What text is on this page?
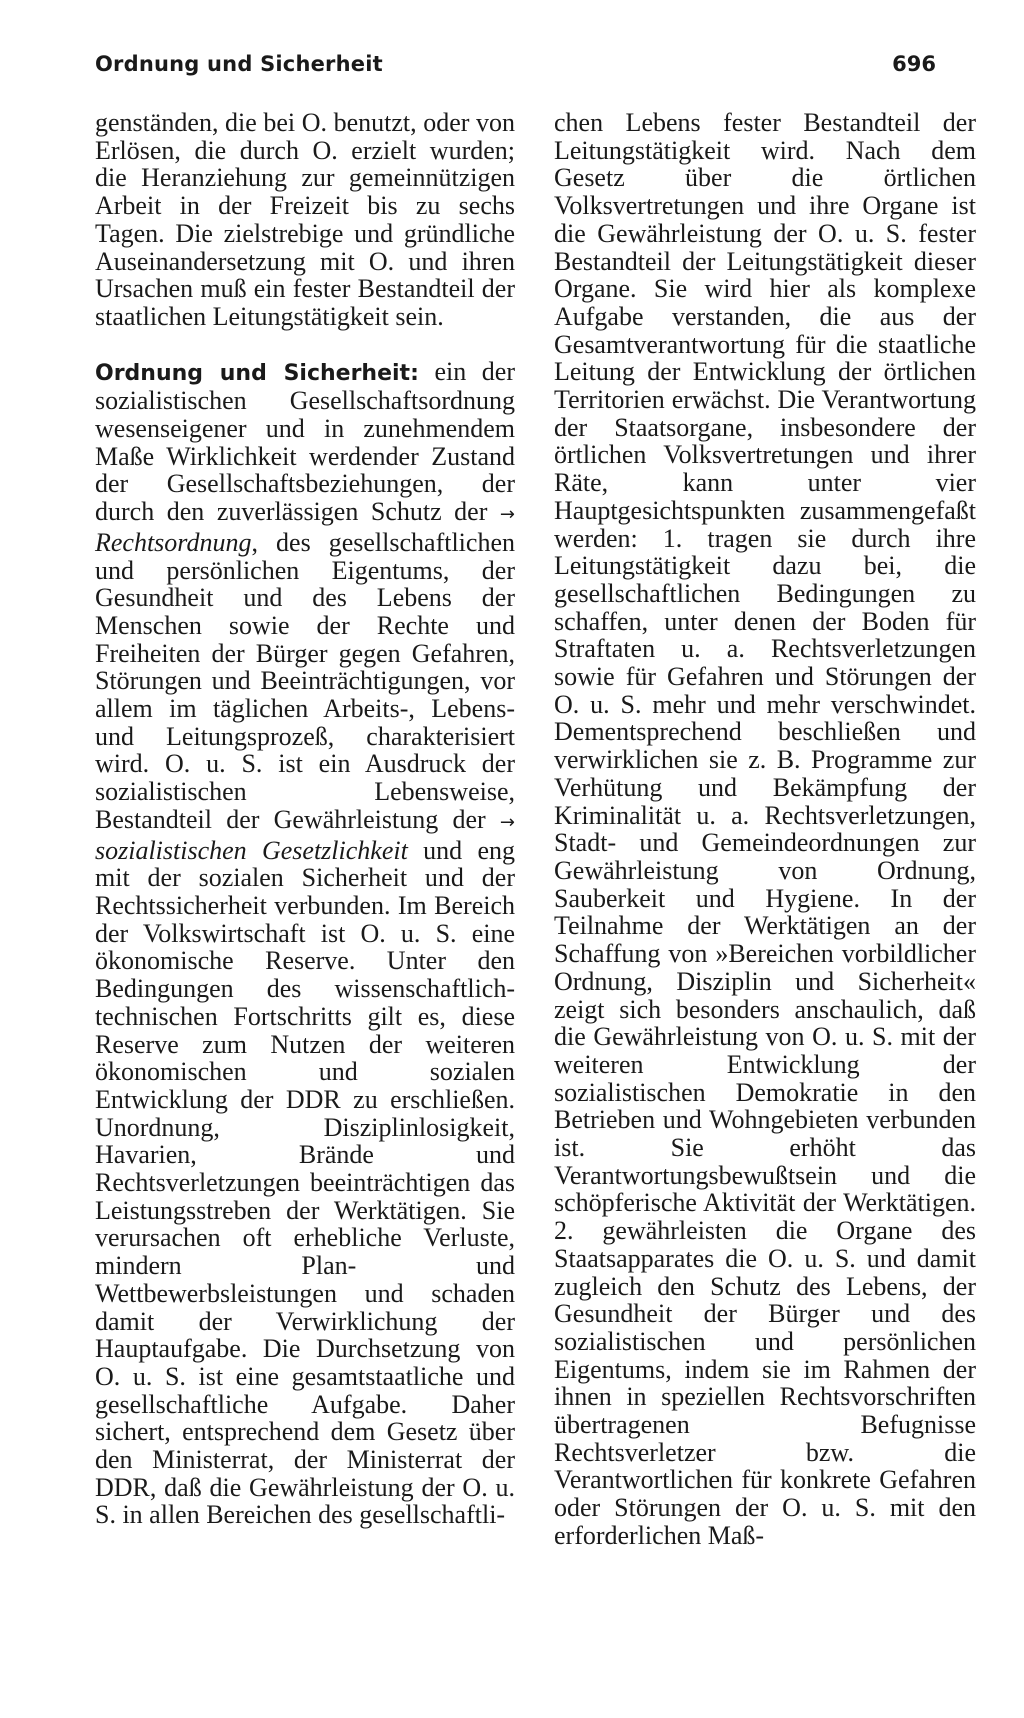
Ordnung und Sicherheit	696

genständen, die bei O. benutzt, oder von Erlösen, die durch O. erzielt wurden; die Heranziehung zur gemeinnützigen Arbeit in der Freizeit bis zu sechs Tagen. Die zielstrebige und gründliche Auseinandersetzung mit O. und ihren Ursachen muß ein fester Bestandteil der staatlichen Leitungstätigkeit sein.

Ordnung und Sicherheit: ein der sozialistischen Gesellschaftsordnung wesenseigener und in zunehmendem Maße Wirklichkeit werdender Zustand der Gesellschaftsbeziehungen, der durch den zuverlässigen Schutz der → Rechtsordnung, des gesellschaftlichen und persönlichen Eigentums, der Gesundheit und des Lebens der Menschen sowie der Rechte und Freiheiten der Bürger gegen Gefahren, Störungen und Beeinträchtigungen, vor allem im täglichen Arbeits-, Lebens- und Leitungsprozeß, charakterisiert wird. O. u. S. ist ein Ausdruck der sozialistischen Lebensweise, Bestandteil der Gewährleistung der → sozialistischen Gesetzlichkeit und eng mit der sozialen Sicherheit und der Rechtssicherheit verbunden. Im Bereich der Volkswirtschaft ist O. u. S. eine ökonomische Reserve. Unter den Bedingungen des wissenschaftlich-technischen Fortschritts gilt es, diese Reserve zum Nutzen der weiteren ökonomischen und sozialen Entwicklung der DDR zu erschließen. Unordnung, Disziplinlosigkeit, Havarien, Brände und Rechtsverletzungen beeinträchtigen das Leistungsstreben der Werktätigen. Sie verursachen oft erhebliche Verluste, mindern Plan- und Wettbewerbsleistungen und schaden damit der Verwirklichung der Hauptaufgabe. Die Durchsetzung von O. u. S. ist eine gesamtstaatliche und gesellschaftliche Aufgabe. Daher sichert, entsprechend dem Gesetz über den Ministerrat, der Ministerrat der DDR, daß die Gewährleistung der O. u. S. in allen Bereichen des gesellschaftli-

chen Lebens fester Bestandteil der Leitungstätigkeit wird. Nach dem Gesetz über die örtlichen Volksvertretungen und ihre Organe ist die Gewährleistung der O. u. S. fester Bestandteil der Leitungstätigkeit dieser Organe. Sie wird hier als komplexe Aufgabe verstanden, die aus der Gesamtverantwortung für die staatliche Leitung der Entwicklung der örtlichen Territorien erwächst. Die Verantwortung der Staatsorgane, insbesondere der örtlichen Volksvertretungen und ihrer Räte, kann unter vier Hauptgesichtspunkten zusammengefaßt werden: 1. tragen sie durch ihre Leitungstätigkeit dazu bei, die gesellschaftlichen Bedingungen zu schaffen, unter denen der Boden für Straftaten u. a. Rechtsverletzungen sowie für Gefahren und Störungen der O. u. S. mehr und mehr verschwindet. Dementsprechend beschließen und verwirklichen sie z. B. Programme zur Verhütung und Bekämpfung der Kriminalität u. a. Rechtsverletzungen, Stadt- und Gemeindeordnungen zur Gewährleistung von Ordnung, Sauberkeit und Hygiene. In der Teilnahme der Werktätigen an der Schaffung von »Bereichen vorbildlicher Ordnung, Disziplin und Sicherheit« zeigt sich besonders anschaulich, daß die Gewährleistung von O. u. S. mit der weiteren Entwicklung der sozialistischen Demokratie in den Betrieben und Wohngebieten verbunden ist. Sie erhöht das Verantwortungsbewußtsein und die schöpferische Aktivität der Werktätigen. 2. gewährleisten die Organe des Staatsapparates die O. u. S. und damit zugleich den Schutz des Lebens, der Gesundheit der Bürger und des sozialistischen und persönlichen Eigentums, indem sie im Rahmen der ihnen in speziellen Rechtsvorschriften übertragenen Befugnisse Rechtsverletzer bzw. die Verantwortlichen für konkrete Gefahren oder Störungen der O. u. S. mit den erforderlichen Maß-
